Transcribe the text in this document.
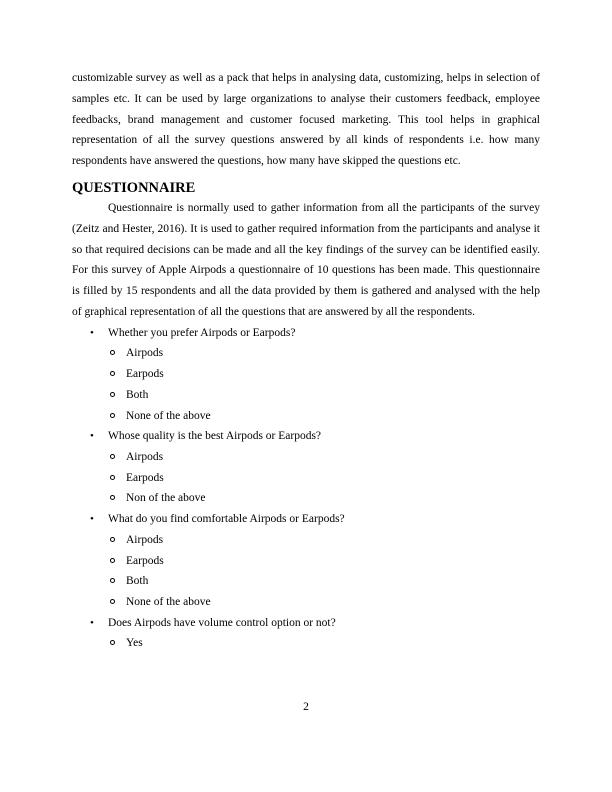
customizable survey as well as a pack that helps in analysing data, customizing, helps in selection of samples etc. It can be used by large organizations to analyse their customers feedback, employee feedbacks, brand management and customer focused marketing. This tool helps in graphical representation of all the survey questions answered by all kinds of respondents i.e. how many respondents have answered the questions, how many have skipped the questions etc.

QUESTIONNAIRE

Questionnaire is normally used to gather information from all the participants of the survey (Zeitz and Hester, 2016). It is used to gather required information from the participants and analyse it so that required decisions can be made and all the key findings of the survey can be identified easily. For this survey of Apple Airpods a questionnaire of 10 questions has been made. This questionnaire is filled by 15 respondents and all the data provided by them is gathered and analysed with the help of graphical representation of all the questions that are answered by all the respondents.

• Whether you prefer Airpods or Earpods?
Airpods
Earpods
Both
None of the above
• Whose quality is the best Airpods or Earpods?
Airpods
Earpods
Non of the above
• What do you find comfortable Airpods or Earpods?
Airpods
Earpods
Both
None of the above
• Does Airpods have volume control option or not?
Yes
2
